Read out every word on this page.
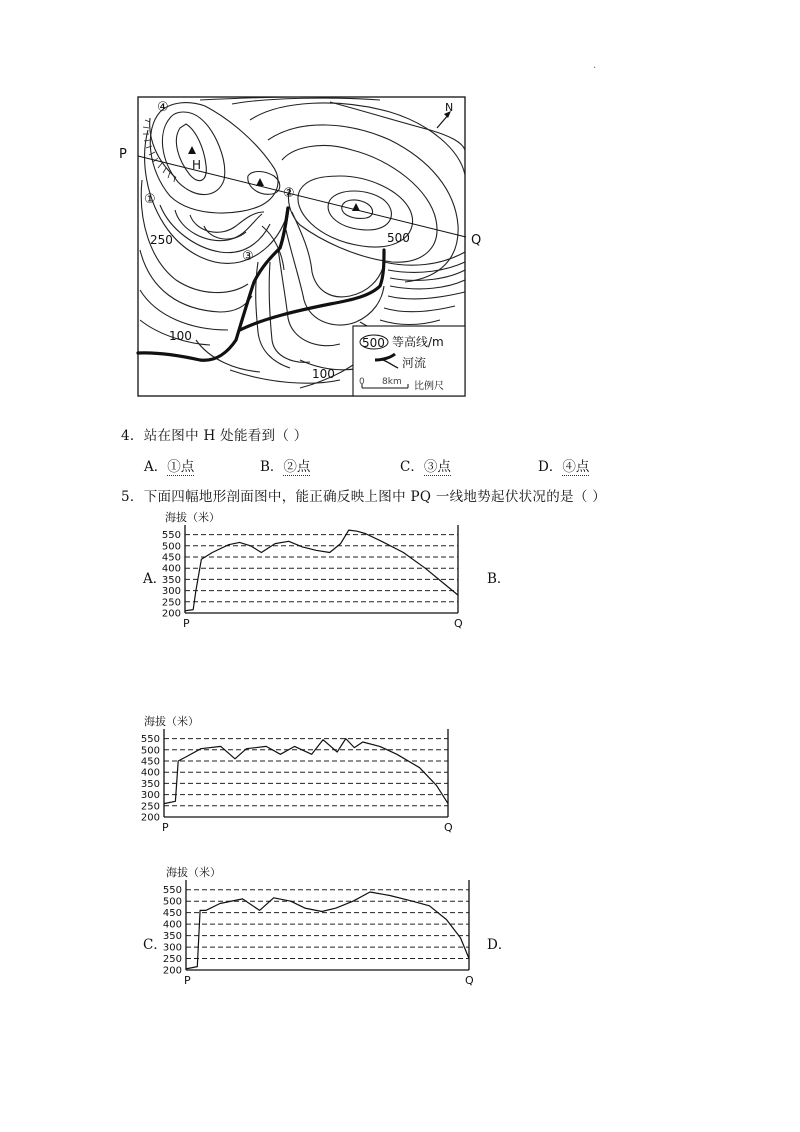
.
P
Q
H
N
①	②
③
④
250	500
100
100
500 等高线/m
河流
0 8km 比例尺
4．站在图中 H 处能看到（ ）
A．①点	B．②点	C．③点	D．④点
5．下面四幅地形剖面图中，能正确反映上图中 PQ 一线地势起伏状况的是（ ）
A．	B．
C．	D．
海拔（米）
550
500
450
400
350
300
250
200
P	Q
海拔（米）
550
500
450
400
350
300
250
200
P	Q
海拔（米）
550
500
450
400
350
300
250
200
P	Q
